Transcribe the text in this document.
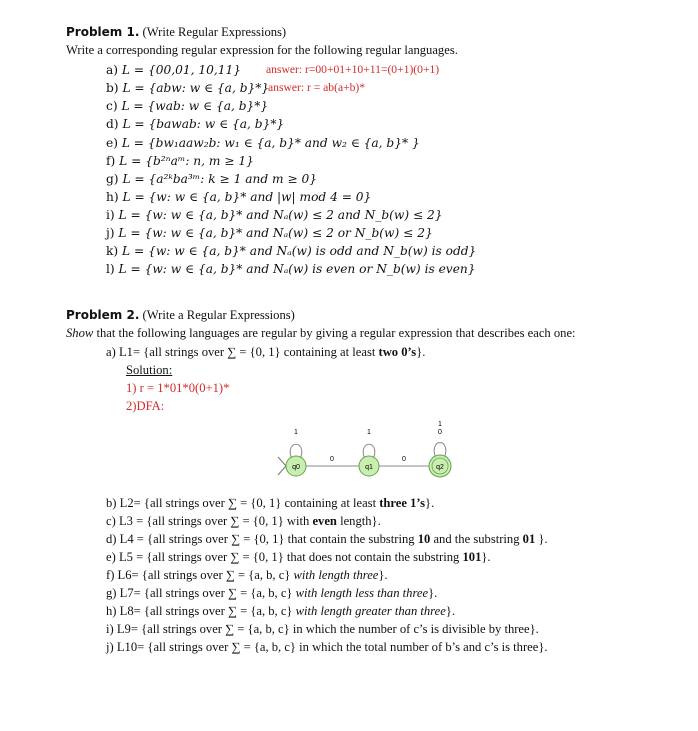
Problem 1. (Write Regular Expressions)
Write a corresponding regular expression for the following regular languages.
a) L = {00,01, 10,11} answer: r=00+01+10+11=(0+1)(0+1)
b) L = {abw: w ∈ {a, b}*}
answer: r = ab(a+b)*
c) L = {wab: w ∈ {a, b}*}
d) L = {bawab: w ∈ {a, b}*}
e) L = {bw₁aaw₂b: w₁ ∈ {a, b}* and w₂ ∈ {a, b}* }
f) L = {b²ⁿaᵐ: n, m ≥ 1}
g) L = {a²ᵏba³ᵐ: k ≥ 1 and m ≥ 0}
h) L = {w: w ∈ {a, b}* and |w| mod 4 = 0}
i) L = {w: w ∈ {a, b}* and Nₐ(w) ≤ 2 and N_b(w) ≤ 2}
j) L = {w: w ∈ {a, b}* and Nₐ(w) ≤ 2 or N_b(w) ≤ 2}
k) L = {w: w ∈ {a, b}* and Nₐ(w) is odd and N_b(w) is odd}
l) L = {w: w ∈ {a, b}* and Nₐ(w) is even or N_b(w) is even}
Problem 2. (Write a Regular Expressions)
Show that the following languages are regular by giving a regular expression that describes each one:
a) L1= {all strings over ∑ = {0, 1} containing at least two 0’s}.
Solution:
1) r = 1*01*0(0+1)*
2)DFA:
q0	q1	q2
0	0
1	1
1
0
b) L2= {all strings over ∑ = {0, 1} containing at least three 1’s}.
c) L3 = {all strings over ∑ = {0, 1} with even length}.
d) L4 = {all strings over ∑ = {0, 1} that contain the substring 10 and the substring 01 }.
e) L5 = {all strings over ∑ = {0, 1} that does not contain the substring 101}.
f) L6= {all strings over ∑ = {a, b, c} with length three}.
g) L7= {all strings over ∑ = {a, b, c} with length less than three}.
h) L8= {all strings over ∑ = {a, b, c} with length greater than three}.
i) L9= {all strings over ∑ = {a, b, c} in which the number of c’s is divisible by three}.
j) L10= {all strings over ∑ = {a, b, c} in which the total number of b’s and c’s is three}.
